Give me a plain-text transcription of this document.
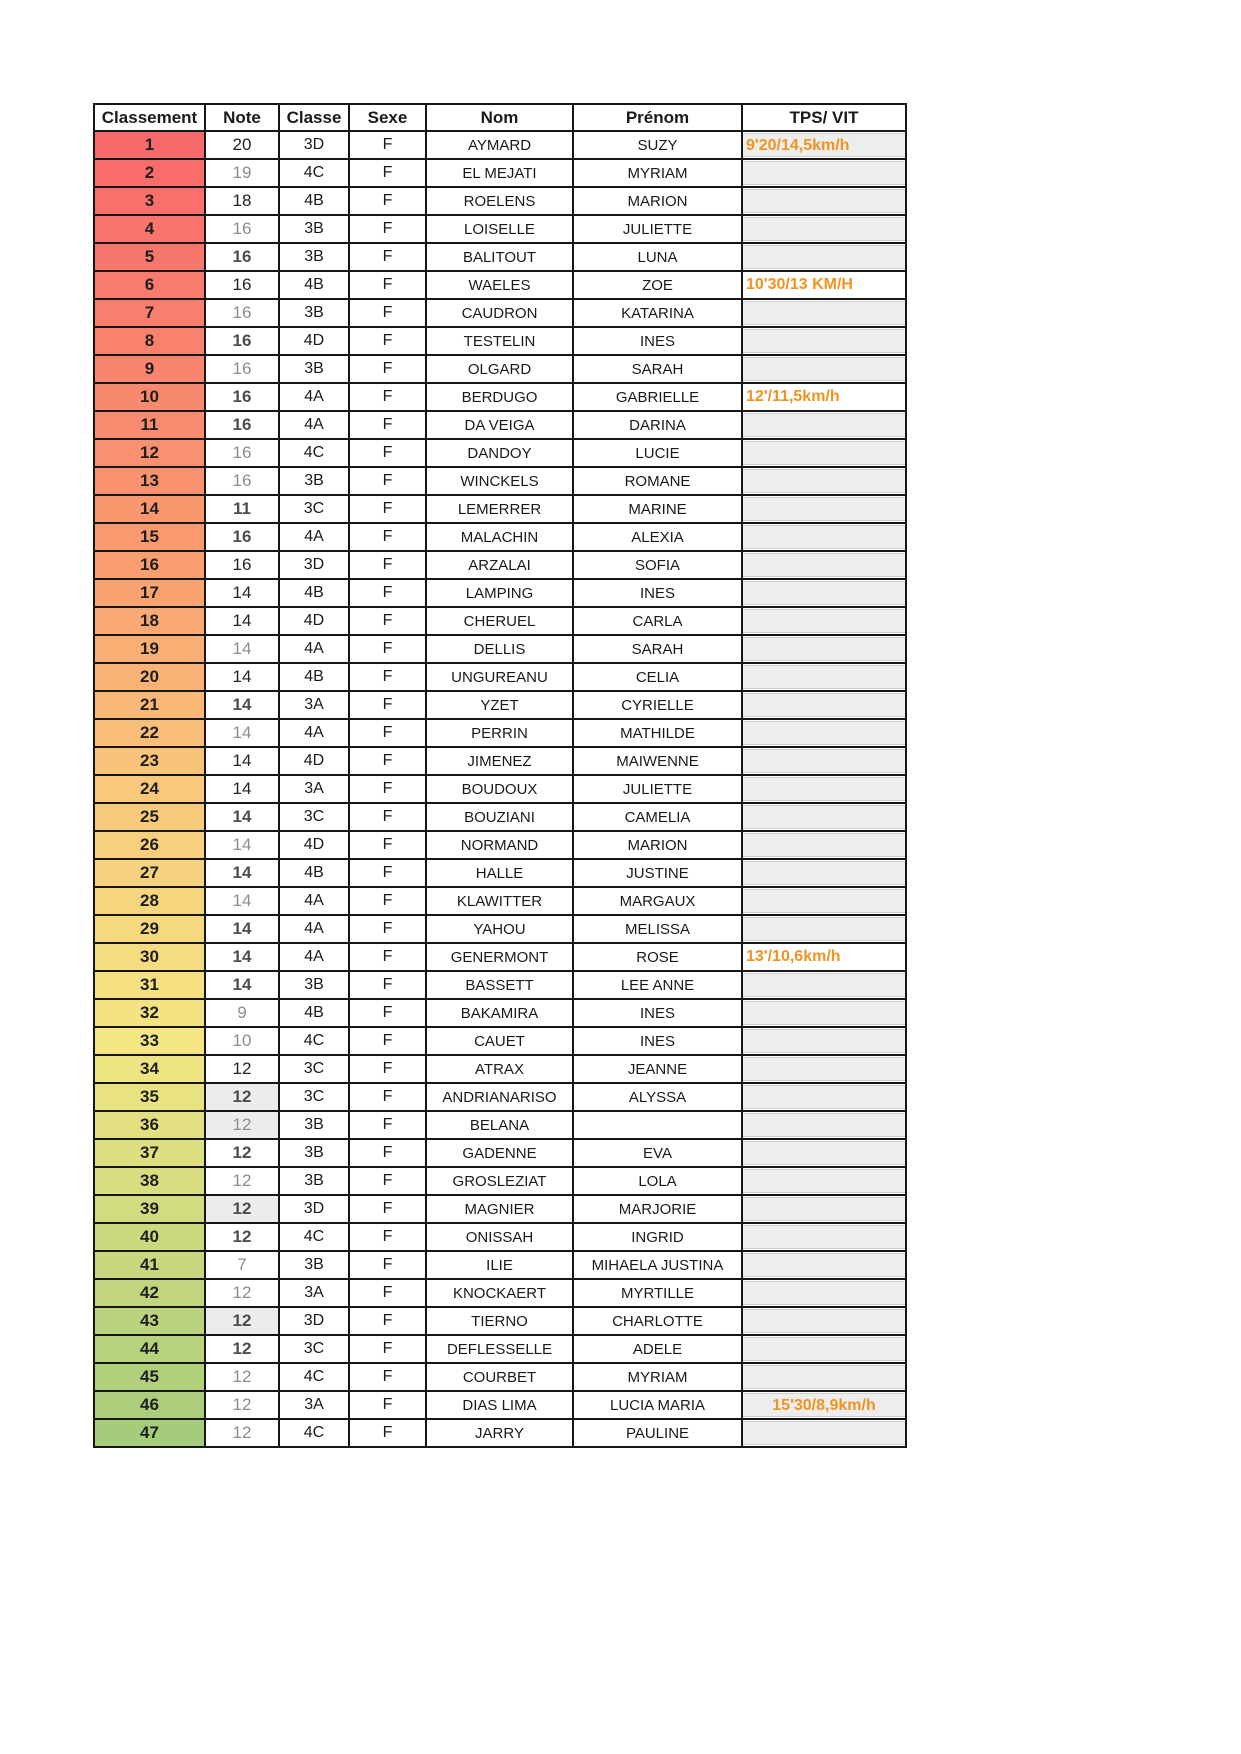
Classement	Note	Classe	Sexe	Nom	Prénom	TPS/ VIT
1	20	3D	F	AYMARD	SUZY	9'20/14,5km/h

2	19	4C	F	EL MEJATI	MYRIAM	

3	18	4B	F	ROELENS	MARION	

4	16	3B	F	LOISELLE	JULIETTE	

5	16	3B	F	BALITOUT	LUNA	

6	16	4B	F	WAELES	ZOE	10'30/13 KM/H

7	16	3B	F	CAUDRON	KATARINA	

8	16	4D	F	TESTELIN	INES	

9	16	3B	F	OLGARD	SARAH	

10	16	4A	F	BERDUGO	GABRIELLE	12'/11,5km/h

11	16	4A	F	DA VEIGA	DARINA	

12	16	4C	F	DANDOY	LUCIE	

13	16	3B	F	WINCKELS	ROMANE	

14	11	3C	F	LEMERRER	MARINE	

15	16	4A	F	MALACHIN	ALEXIA	

16	16	3D	F	ARZALAI	SOFIA	

17	14	4B	F	LAMPING	INES	

18	14	4D	F	CHERUEL	CARLA	

19	14	4A	F	DELLIS	SARAH	

20	14	4B	F	UNGUREANU	CELIA	

21	14	3A	F	YZET	CYRIELLE	

22	14	4A	F	PERRIN	MATHILDE	

23	14	4D	F	JIMENEZ	MAIWENNE	

24	14	3A	F	BOUDOUX	JULIETTE	

25	14	3C	F	BOUZIANI	CAMELIA	

26	14	4D	F	NORMAND	MARION	

27	14	4B	F	HALLE	JUSTINE	

28	14	4A	F	KLAWITTER	MARGAUX	

29	14	4A	F	YAHOU	MELISSA	

30	14	4A	F	GENERMONT	ROSE	13'/10,6km/h

31	14	3B	F	BASSETT	LEE ANNE	

32	9	4B	F	BAKAMIRA	INES	

33	10	4C	F	CAUET	INES	

34	12	3C	F	ATRAX	JEANNE	

35	12	3C	F	ANDRIANARISO	ALYSSA	

36	12	3B	F	BELANA		

37	12	3B	F	GADENNE	EVA	

38	12	3B	F	GROSLEZIAT	LOLA	

39	12	3D	F	MAGNIER	MARJORIE	

40	12	4C	F	ONISSAH	INGRID	

41	7	3B	F	ILIE	MIHAELA JUSTINA	

42	12	3A	F	KNOCKAERT	MYRTILLE	

43	12	3D	F	TIERNO	CHARLOTTE	

44	12	3C	F	DEFLESSELLE	ADELE	

45	12	4C	F	COURBET	MYRIAM	

46	12	3A	F	DIAS LIMA	LUCIA MARIA	15'30/8,9km/h

47	12	4C	F	JARRY	PAULINE	
